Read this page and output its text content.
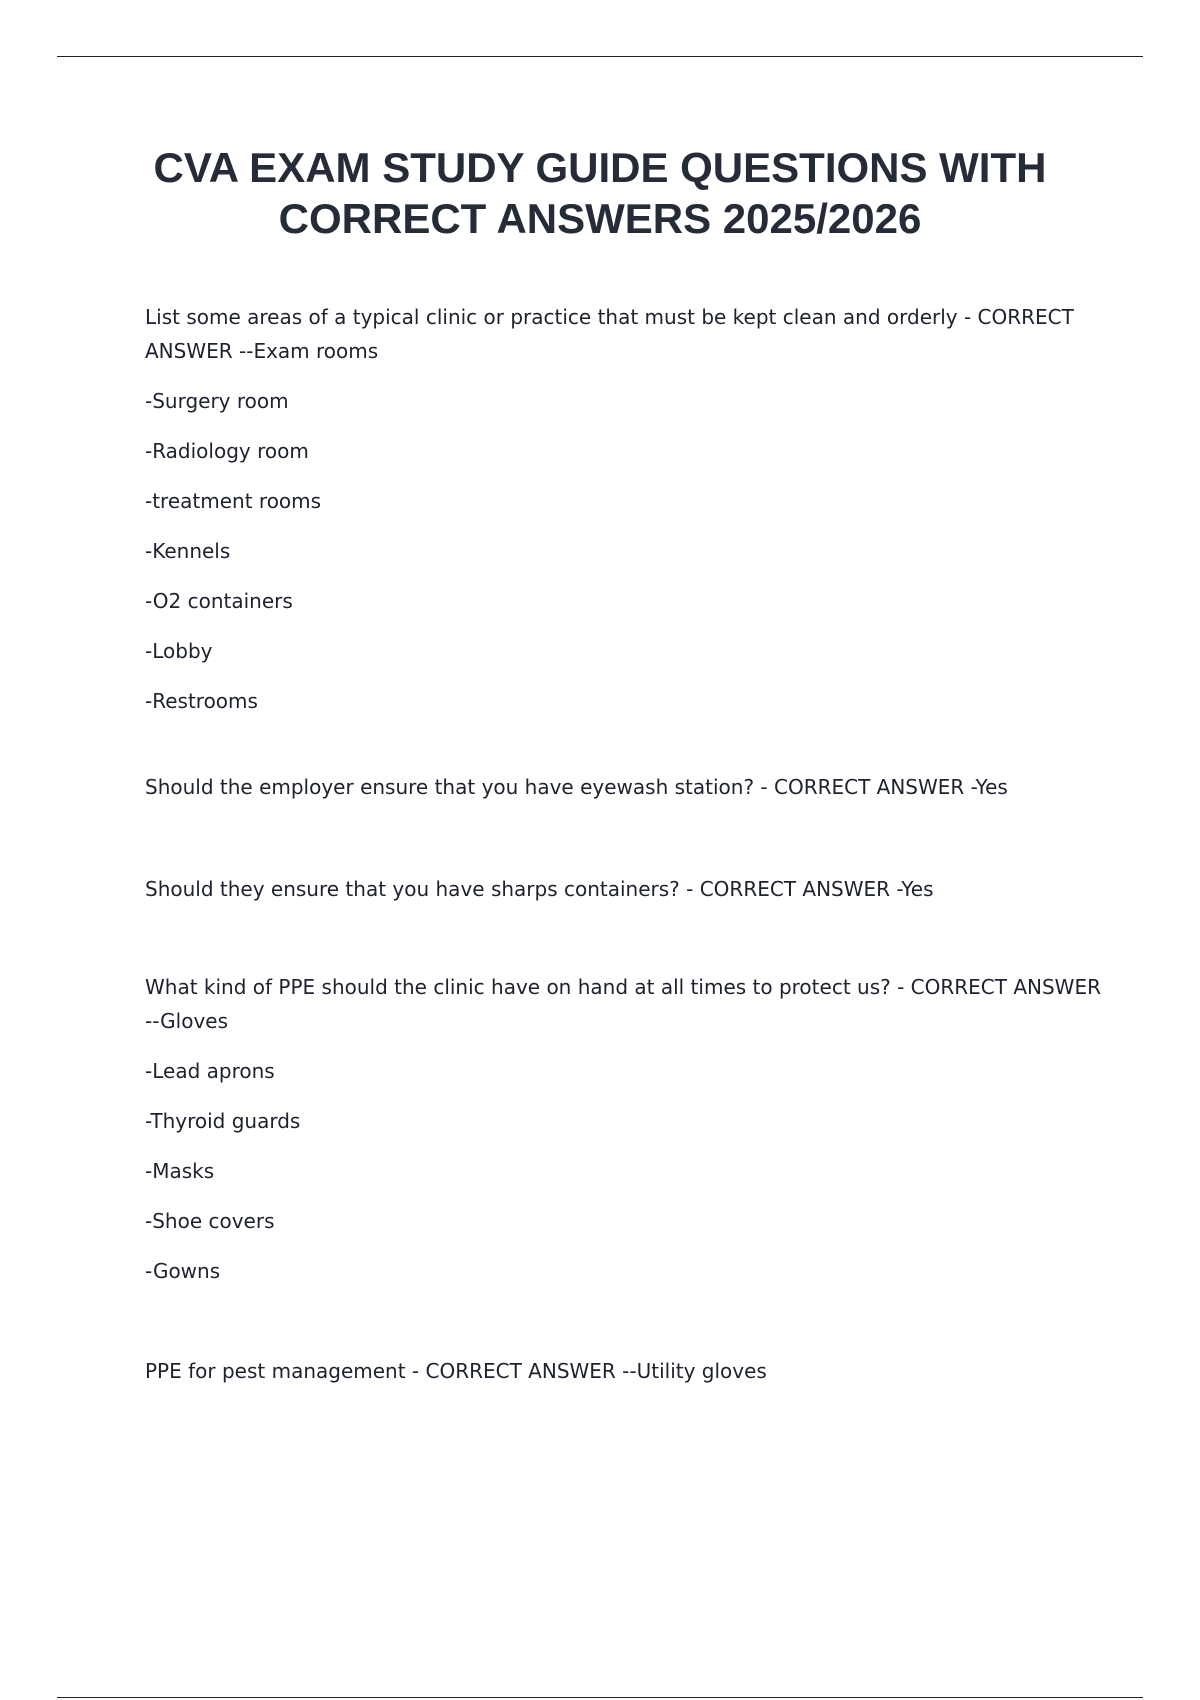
CVA EXAM STUDY GUIDE QUESTIONS WITH CORRECT ANSWERS 2025/2026

List some areas of a typical clinic or practice that must be kept clean and orderly - CORRECT ANSWER --Exam rooms

-Surgery room

-Radiology room

-treatment rooms

-Kennels

-O2 containers

-Lobby

-Restrooms

Should the employer ensure that you have eyewash station? - CORRECT ANSWER -Yes

Should they ensure that you have sharps containers? - CORRECT ANSWER -Yes

What kind of PPE should the clinic have on hand at all times to protect us? - CORRECT ANSWER --Gloves

-Lead aprons

-Thyroid guards

-Masks

-Shoe covers

-Gowns

PPE for pest management - CORRECT ANSWER --Utility gloves
